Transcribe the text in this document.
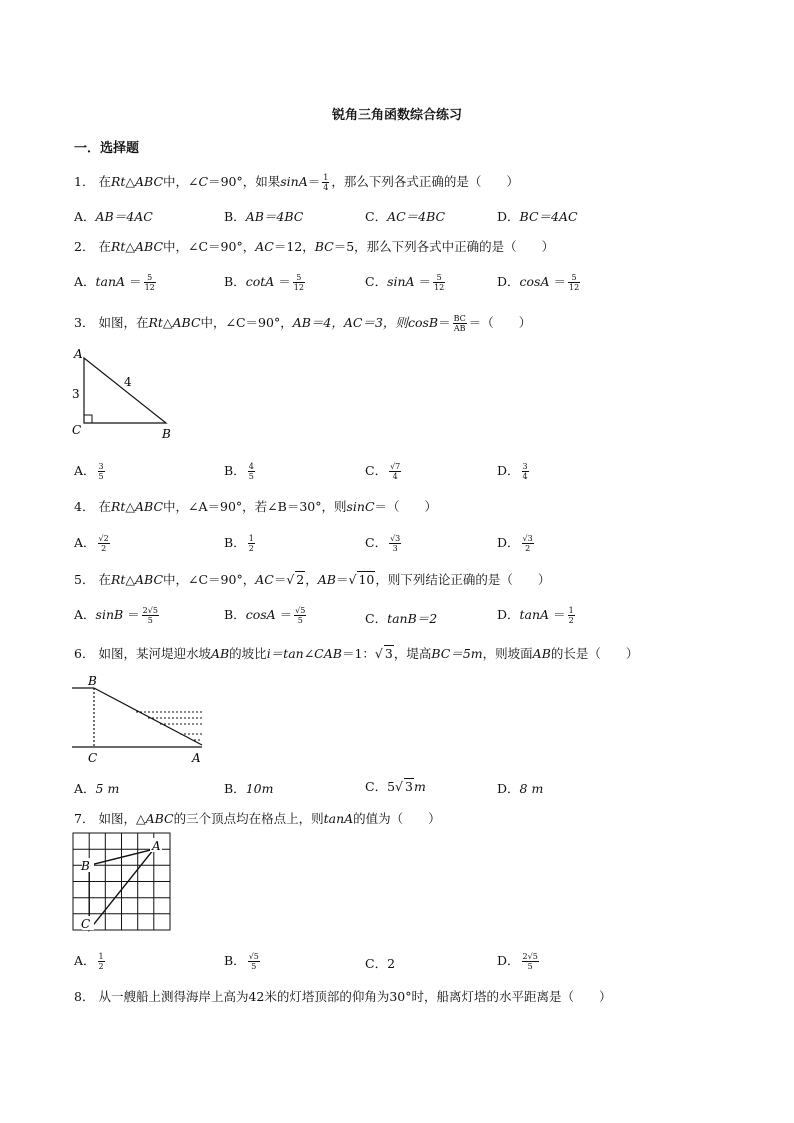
锐角三角函数综合练习
一．选择题
1． 在Rt△ABC中，∠C＝90°，如果$\sin A= \frac{1}{4}$ ，那么下列各式正确的是（　　）
A．AB＝4AC	B．AB＝4BC	C．AC＝4BC	D．BC＝4AC
2． 在Rt△ABC中，∠C＝90°，AC＝12，BC＝5，那么下列各式中正确的是（　　）
A．$\tan A = \frac{5}{12}$	B．$\cot A = \frac{5}{12}$	C．$\sin A = \frac{5}{12}$	D．$\cos A = \frac{5}{12}$
3． 如图，在Rt△ABC中，∠C＝90°，AB＝4，AC＝3，则$\cos B= \frac{BC}{AB}$ ＝（　　）
A
C	B
3
4
A． $\frac{3}{5}$	B． $\frac{4}{5}$	C． $\frac{√7}{4}$	D． $\frac{3}{4}$
4． 在Rt△ABC中，∠A＝90°，若∠B＝30°，则sinC＝（　　）
A． $\frac{√2}{2}$	B． $\frac{1}{2}$	C． $\frac{√3}{3}$	D． $\frac{√3}{2}$
5． 在Rt△ABC中，∠C＝90°，AC＝√ 2，AB＝√ 10，则下列结论正确的是（　　）
A．$\sin B = \frac{2√5}{5}$	B．$\cos A = \frac{√5}{5}$	C．tanB＝2	D．$\tan A = \frac{1}{2}$
6． 如图，某河堤迎水坡AB的坡比i＝tan∠CAB＝1：√ 3，堤高BC＝5m，则坡面AB的长是（　　）
B
C	A
A．5 m	B．10m	C．5√ 3m	D．8 m
7． 如图，△ABC的三个顶点均在格点上，则tanA的值为（　　）
B
C
A
A． $\frac{1}{2}$	B． $\frac{√5}{5}$	C．2	D． $\frac{2√5}{5}$
8． 从一艘船上测得海岸上高为42米的灯塔顶部的仰角为30°时，船离灯塔的水平距离是（　　）
